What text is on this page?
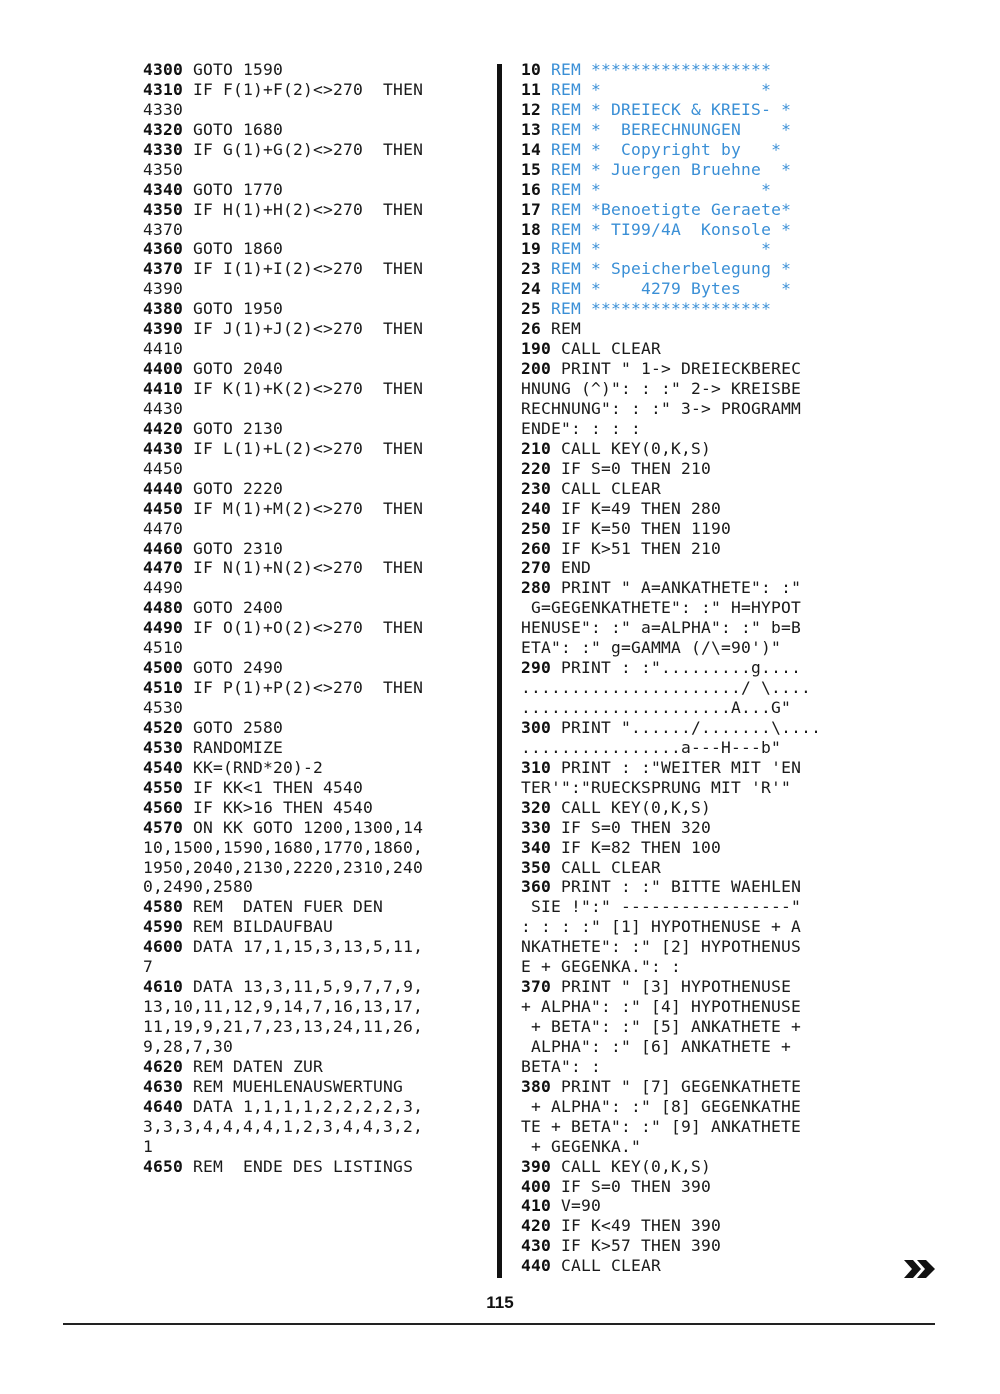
4300 GOTO 1590
4310 IF F(1)+F(2)<>270  THEN
4330
4320 GOTO 1680
4330 IF G(1)+G(2)<>270  THEN
4350
4340 GOTO 1770
4350 IF H(1)+H(2)<>270  THEN
4370
4360 GOTO 1860
4370 IF I(1)+I(2)<>270  THEN
4390
4380 GOTO 1950
4390 IF J(1)+J(2)<>270  THEN
4410
4400 GOTO 2040
4410 IF K(1)+K(2)<>270  THEN
4430
4420 GOTO 2130
4430 IF L(1)+L(2)<>270  THEN
4450
4440 GOTO 2220
4450 IF M(1)+M(2)<>270  THEN
4470
4460 GOTO 2310
4470 IF N(1)+N(2)<>270  THEN
4490
4480 GOTO 2400
4490 IF O(1)+O(2)<>270  THEN
4510
4500 GOTO 2490
4510 IF P(1)+P(2)<>270  THEN
4530
4520 GOTO 2580
4530 RANDOMIZE
4540 KK=(RND*20)-2
4550 IF KK<1 THEN 4540
4560 IF KK>16 THEN 4540
4570 ON KK GOTO 1200,1300,14
10,1500,1590,1680,1770,1860,
1950,2040,2130,2220,2310,240
0,2490,2580
4580 REM  DATEN FUER DEN
4590 REM BILDAUFBAU
4600 DATA 17,1,15,3,13,5,11,
7
4610 DATA 13,3,11,5,9,7,7,9,
13,10,11,12,9,14,7,16,13,17,
11,19,9,21,7,23,13,24,11,26,
9,28,7,30
4620 REM DATEN ZUR
4630 REM MUEHLENAUSWERTUNG
4640 DATA 1,1,1,1,2,2,2,2,3,
3,3,3,4,4,4,4,1,2,3,4,4,3,2,
1
4650 REM  ENDE DES LISTINGS
10 REM ******************
11 REM *                *
12 REM * DREIECK & KREIS- *
13 REM *  BERECHNUNGEN    *
14 REM *  Copyright by   *
15 REM * Juergen Bruehne  *
16 REM *                *
17 REM *Benoetigte Geraete*
18 REM * TI99/4A  Konsole *
19 REM *                *
23 REM * Speicherbelegung *
24 REM *    4279 Bytes    *
25 REM ******************
26 REM
190 CALL CLEAR
200 PRINT " 1-> DREIECKBEREC
HNUNG (^)": : :" 2-> KREISBE
RECHNUNG": : :" 3-> PROGRAMM
ENDE": : : :
210 CALL KEY(0,K,S)
220 IF S=0 THEN 210
230 CALL CLEAR
240 IF K=49 THEN 280
250 IF K=50 THEN 1190
260 IF K>51 THEN 210
270 END
280 PRINT " A=ANKATHETE": :"
G=GEGENKATHETE": :" H=HYPOT
HENUSE": :" a=ALPHA": :" b=B
ETA": :" g=GAMMA (/\=90')"
290 PRINT : :".........g....
....................../ \....
.....................A...G"
300 PRINT "....../.......\....
................a---H---b"
310 PRINT : :"WEITER MIT 'EN
TER'":"RUECKSPRUNG MIT 'R'"
320 CALL KEY(0,K,S)
330 IF S=0 THEN 320
340 IF K=82 THEN 100
350 CALL CLEAR
360 PRINT : :" BITTE WAEHLEN
SIE !":" -----------------"
: : : :" [1] HYPOTHENUSE + A
NKATHETE": :" [2] HYPOTHENUS
E + GEGENKA.": :
370 PRINT " [3] HYPOTHENUSE
+ ALPHA": :" [4] HYPOTHENUSE
+ BETA": :" [5] ANKATHETE +
ALPHA": :" [6] ANKATHETE +
BETA": :
380 PRINT " [7] GEGENKATHETE
+ ALPHA": :" [8] GEGENKATHE
TE + BETA": :" [9] ANKATHETE
+ GEGENKA."
390 CALL KEY(0,K,S)
400 IF S=0 THEN 390
410 V=90
420 IF K<49 THEN 390
430 IF K>57 THEN 390
440 CALL CLEAR
115
